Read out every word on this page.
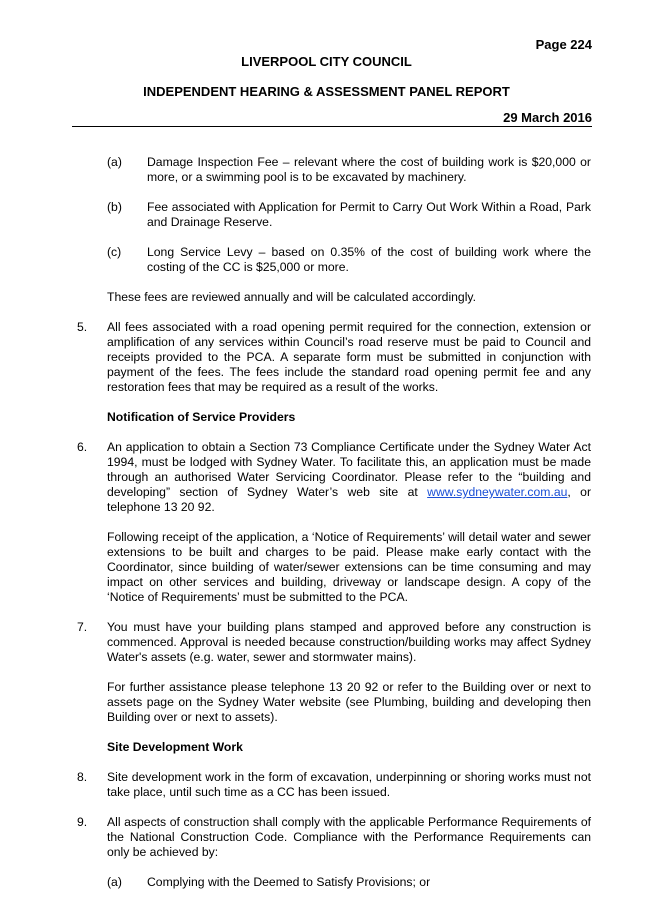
Page 224
LIVERPOOL CITY COUNCIL
INDEPENDENT HEARING & ASSESSMENT PANEL REPORT
29 March 2016
(a) Damage Inspection Fee – relevant where the cost of building work is $20,000 or more, or a swimming pool is to be excavated by machinery.
(b) Fee associated with Application for Permit to Carry Out Work Within a Road, Park and Drainage Reserve.
(c) Long Service Levy – based on 0.35% of the cost of building work where the costing of the CC is $25,000 or more.
These fees are reviewed annually and will be calculated accordingly.
5. All fees associated with a road opening permit required for the connection, extension or amplification of any services within Council’s road reserve must be paid to Council and receipts provided to the PCA. A separate form must be submitted in conjunction with payment of the fees. The fees include the standard road opening permit fee and any restoration fees that may be required as a result of the works.
Notification of Service Providers
6. An application to obtain a Section 73 Compliance Certificate under the Sydney Water Act 1994, must be lodged with Sydney Water. To facilitate this, an application must be made through an authorised Water Servicing Coordinator. Please refer to the “building and developing” section of Sydney Water’s web site at www.sydneywater.com.au, or telephone 13 20 92.
Following receipt of the application, a ‘Notice of Requirements’ will detail water and sewer extensions to be built and charges to be paid. Please make early contact with the Coordinator, since building of water/sewer extensions can be time consuming and may impact on other services and building, driveway or landscape design. A copy of the ‘Notice of Requirements’ must be submitted to the PCA.
7. You must have your building plans stamped and approved before any construction is commenced. Approval is needed because construction/building works may affect Sydney Water's assets (e.g. water, sewer and stormwater mains).
For further assistance please telephone 13 20 92 or refer to the Building over or next to assets page on the Sydney Water website (see Plumbing, building and developing then Building over or next to assets).
Site Development Work
8. Site development work in the form of excavation, underpinning or shoring works must not take place, until such time as a CC has been issued.
9. All aspects of construction shall comply with the applicable Performance Requirements of the National Construction Code. Compliance with the Performance Requirements can only be achieved by:
(a) Complying with the Deemed to Satisfy Provisions; or
